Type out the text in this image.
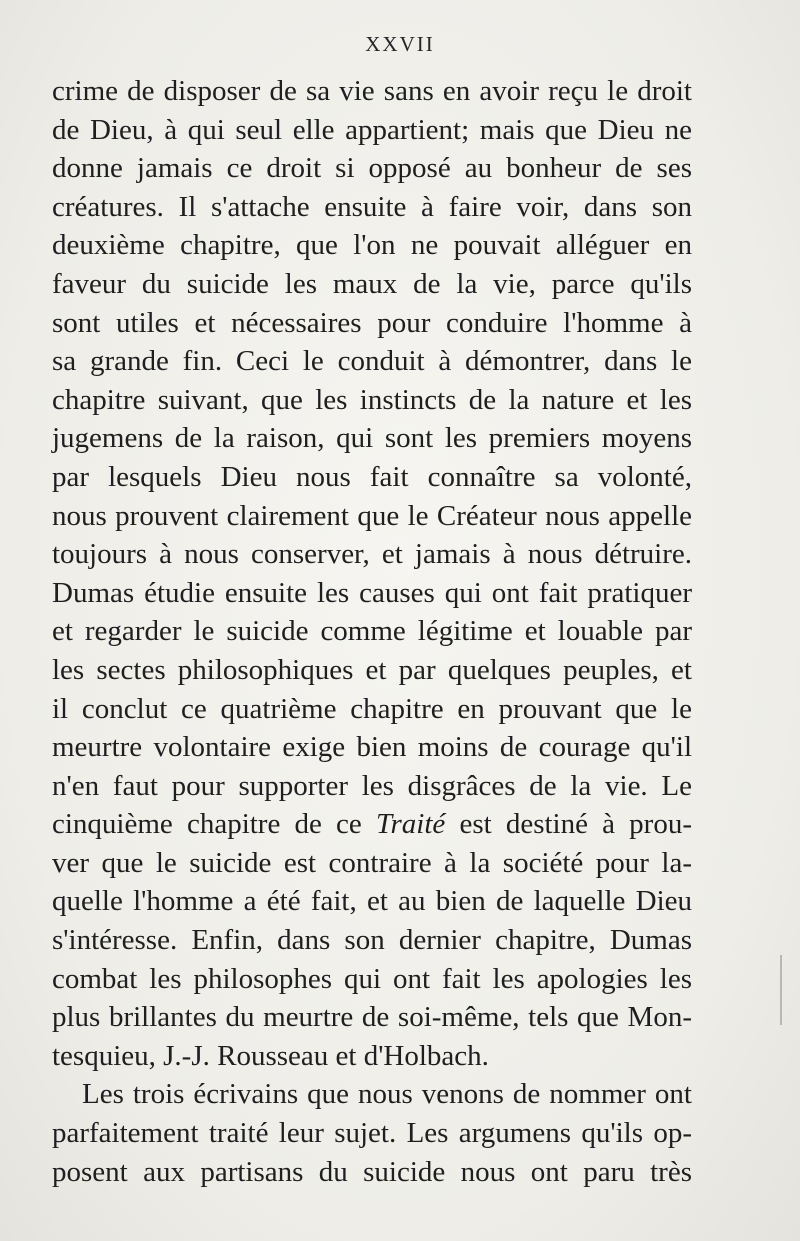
XXVII
crime de disposer de sa vie sans en avoir reçu le droit
de Dieu, à qui seul elle appartient; mais que Dieu ne
donne jamais ce droit si opposé au bonheur de ses
créatures. Il s'attache ensuite à faire voir, dans son
deuxième chapitre, que l'on ne pouvait alléguer en
faveur du suicide les maux de la vie, parce qu'ils
sont utiles et nécessaires pour conduire l'homme à
sa grande fin. Ceci le conduit à démontrer, dans le
chapitre suivant, que les instincts de la nature et les
jugemens de la raison, qui sont les premiers moyens
par lesquels Dieu nous fait connaître sa volonté,
nous prouvent clairement que le Créateur nous appelle
toujours à nous conserver, et jamais à nous détruire.
Dumas étudie ensuite les causes qui ont fait pratiquer
et regarder le suicide comme légitime et louable par
les sectes philosophiques et par quelques peuples, et
il conclut ce quatrième chapitre en prouvant que le
meurtre volontaire exige bien moins de courage qu'il
n'en faut pour supporter les disgrâces de la vie. Le
cinquième chapitre de ce Traité est destiné à prou-
ver que le suicide est contraire à la société pour la-
quelle l'homme a été fait, et au bien de laquelle Dieu
s'intéresse. Enfin, dans son dernier chapitre, Dumas
combat les philosophes qui ont fait les apologies les
plus brillantes du meurtre de soi-même, tels que Mon-
tesquieu, J.-J. Rousseau et d'Holbach.
Les trois écrivains que nous venons de nommer ont
parfaitement traité leur sujet. Les argumens qu'ils op-
posent aux partisans du suicide nous ont paru très
